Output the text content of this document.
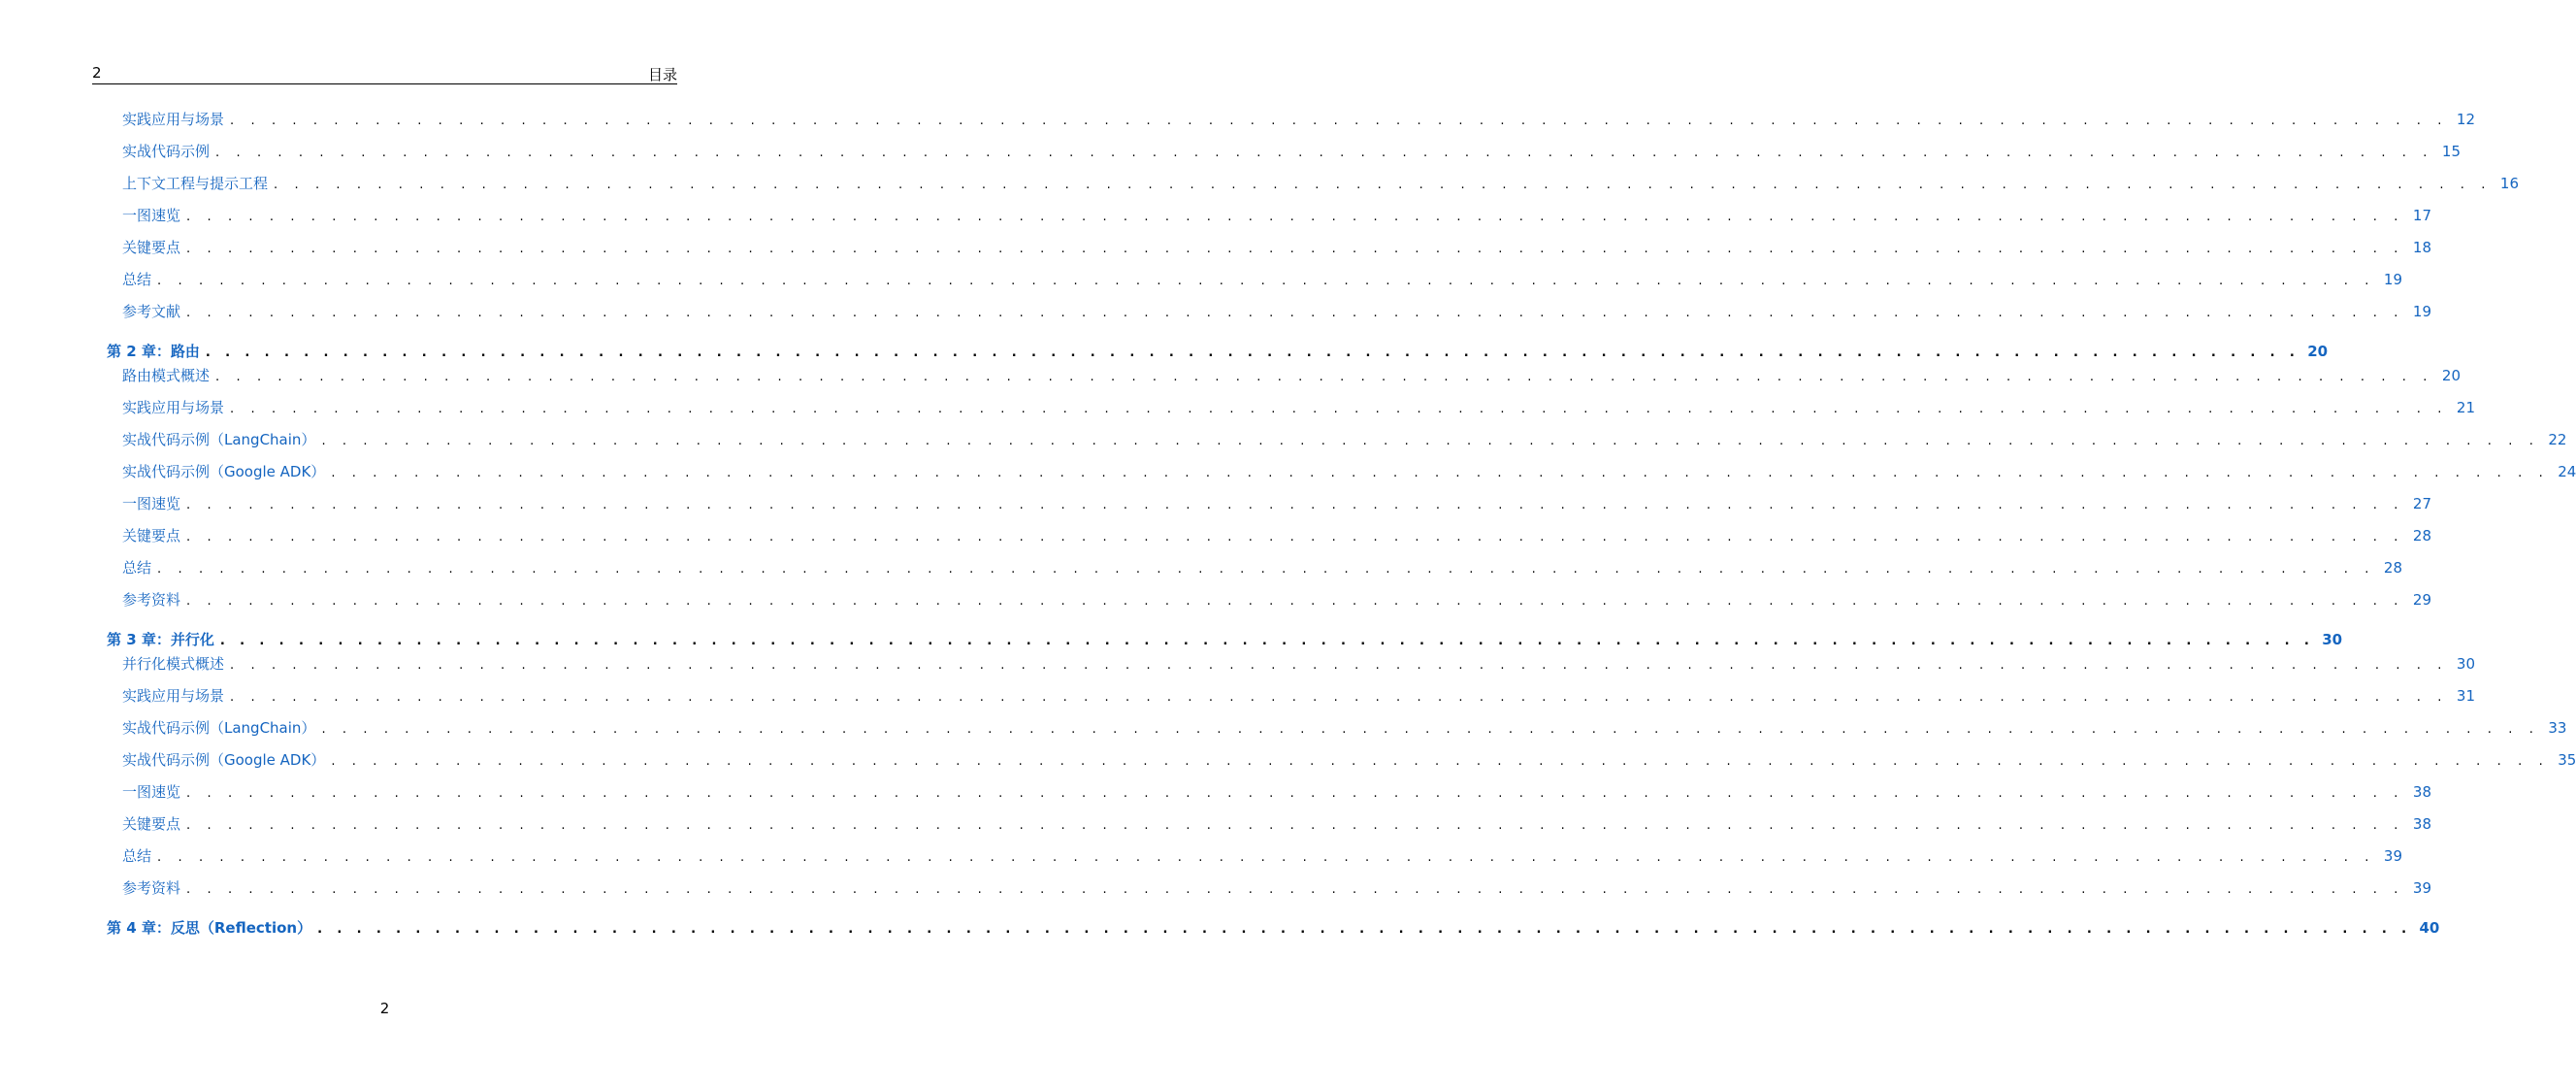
2	目录
实践应用与场景 . . . . . . . . . . . . . . . . . . . . . . . . . . . . . . . . . . . . . . . . . . . . . . . . . . . . . . . . . . . . . . . . . . . . . . . . . . . . . . . . . . . . . . . . . . . . . . . . . . . . . . . . . . . 12
实战代码示例 . . . . . . . . . . . . . . . . . . . . . . . . . . . . . . . . . . . . . . . . . . . . . . . . . . . . . . . . . . . . . . . . . . . . . . . . . . . . . . . . . . . . . . . . . . . . . . . . . . . . . . . . . . . 15
上下文工程与提示工程 . . . . . . . . . . . . . . . . . . . . . . . . . . . . . . . . . . . . . . . . . . . . . . . . . . . . . . . . . . . . . . . . . . . . . . . . . . . . . . . . . . . . . . . . . . . . . . . . . . . . . . . . . . . 16
一图速览 . . . . . . . . . . . . . . . . . . . . . . . . . . . . . . . . . . . . . . . . . . . . . . . . . . . . . . . . . . . . . . . . . . . . . . . . . . . . . . . . . . . . . . . . . . . . . . . . . . . . . . . . . . . 17
关键要点 . . . . . . . . . . . . . . . . . . . . . . . . . . . . . . . . . . . . . . . . . . . . . . . . . . . . . . . . . . . . . . . . . . . . . . . . . . . . . . . . . . . . . . . . . . . . . . . . . . . . . . . . . . . 18
总结 . . . . . . . . . . . . . . . . . . . . . . . . . . . . . . . . . . . . . . . . . . . . . . . . . . . . . . . . . . . . . . . . . . . . . . . . . . . . . . . . . . . . . . . . . . . . . . . . . . . . . . . . . . . 19
参考文献 . . . . . . . . . . . . . . . . . . . . . . . . . . . . . . . . . . . . . . . . . . . . . . . . . . . . . . . . . . . . . . . . . . . . . . . . . . . . . . . . . . . . . . . . . . . . . . . . . . . . . . . . . . . 19
第 2 章：路由 . . . . . . . . . . . . . . . . . . . . . . . . . . . . . . . . . . . . . . . . . . . . . . . . . . . . . . . . . . . . . . . . . . . . . . . . . . . . . . . . . . . . . . . . . . . . . . . . . . . . . . . . . . . 20
路由模式概述 . . . . . . . . . . . . . . . . . . . . . . . . . . . . . . . . . . . . . . . . . . . . . . . . . . . . . . . . . . . . . . . . . . . . . . . . . . . . . . . . . . . . . . . . . . . . . . . . . . . . . . . . . . . 20
实践应用与场景 . . . . . . . . . . . . . . . . . . . . . . . . . . . . . . . . . . . . . . . . . . . . . . . . . . . . . . . . . . . . . . . . . . . . . . . . . . . . . . . . . . . . . . . . . . . . . . . . . . . . . . . . . . . 21
实战代码示例（LangChain） . . . . . . . . . . . . . . . . . . . . . . . . . . . . . . . . . . . . . . . . . . . . . . . . . . . . . . . . . . . . . . . . . . . . . . . . . . . . . . . . . . . . . . . . . . . . . . . . . . . . . . . . . . . 22
实战代码示例（Google ADK） . . . . . . . . . . . . . . . . . . . . . . . . . . . . . . . . . . . . . . . . . . . . . . . . . . . . . . . . . . . . . . . . . . . . . . . . . . . . . . . . . . . . . . . . . . . . . . . . . . . . . . . . . . . 24
一图速览 . . . . . . . . . . . . . . . . . . . . . . . . . . . . . . . . . . . . . . . . . . . . . . . . . . . . . . . . . . . . . . . . . . . . . . . . . . . . . . . . . . . . . . . . . . . . . . . . . . . . . . . . . . . 27
关键要点 . . . . . . . . . . . . . . . . . . . . . . . . . . . . . . . . . . . . . . . . . . . . . . . . . . . . . . . . . . . . . . . . . . . . . . . . . . . . . . . . . . . . . . . . . . . . . . . . . . . . . . . . . . . 28
总结 . . . . . . . . . . . . . . . . . . . . . . . . . . . . . . . . . . . . . . . . . . . . . . . . . . . . . . . . . . . . . . . . . . . . . . . . . . . . . . . . . . . . . . . . . . . . . . . . . . . . . . . . . . . 28
参考资料 . . . . . . . . . . . . . . . . . . . . . . . . . . . . . . . . . . . . . . . . . . . . . . . . . . . . . . . . . . . . . . . . . . . . . . . . . . . . . . . . . . . . . . . . . . . . . . . . . . . . . . . . . . . 29
第 3 章：并行化 . . . . . . . . . . . . . . . . . . . . . . . . . . . . . . . . . . . . . . . . . . . . . . . . . . . . . . . . . . . . . . . . . . . . . . . . . . . . . . . . . . . . . . . . . . . . . . . . . . . . . . . . . . . 30
并行化模式概述 . . . . . . . . . . . . . . . . . . . . . . . . . . . . . . . . . . . . . . . . . . . . . . . . . . . . . . . . . . . . . . . . . . . . . . . . . . . . . . . . . . . . . . . . . . . . . . . . . . . . . . . . . . . 30
实践应用与场景 . . . . . . . . . . . . . . . . . . . . . . . . . . . . . . . . . . . . . . . . . . . . . . . . . . . . . . . . . . . . . . . . . . . . . . . . . . . . . . . . . . . . . . . . . . . . . . . . . . . . . . . . . . . 31
实战代码示例（LangChain） . . . . . . . . . . . . . . . . . . . . . . . . . . . . . . . . . . . . . . . . . . . . . . . . . . . . . . . . . . . . . . . . . . . . . . . . . . . . . . . . . . . . . . . . . . . . . . . . . . . . . . . . . . . 33
实战代码示例（Google ADK） . . . . . . . . . . . . . . . . . . . . . . . . . . . . . . . . . . . . . . . . . . . . . . . . . . . . . . . . . . . . . . . . . . . . . . . . . . . . . . . . . . . . . . . . . . . . . . . . . . . . . . . . . . . 35
一图速览 . . . . . . . . . . . . . . . . . . . . . . . . . . . . . . . . . . . . . . . . . . . . . . . . . . . . . . . . . . . . . . . . . . . . . . . . . . . . . . . . . . . . . . . . . . . . . . . . . . . . . . . . . . . 38
关键要点 . . . . . . . . . . . . . . . . . . . . . . . . . . . . . . . . . . . . . . . . . . . . . . . . . . . . . . . . . . . . . . . . . . . . . . . . . . . . . . . . . . . . . . . . . . . . . . . . . . . . . . . . . . . 38
总结 . . . . . . . . . . . . . . . . . . . . . . . . . . . . . . . . . . . . . . . . . . . . . . . . . . . . . . . . . . . . . . . . . . . . . . . . . . . . . . . . . . . . . . . . . . . . . . . . . . . . . . . . . . . 39
参考资料 . . . . . . . . . . . . . . . . . . . . . . . . . . . . . . . . . . . . . . . . . . . . . . . . . . . . . . . . . . . . . . . . . . . . . . . . . . . . . . . . . . . . . . . . . . . . . . . . . . . . . . . . . . . 39
第 4 章：反思（Reflection） . . . . . . . . . . . . . . . . . . . . . . . . . . . . . . . . . . . . . . . . . . . . . . . . . . . . . . . . . . . . . . . . . . . . . . . . . . . . . . . . . . . . . . . . . . . . . . . . . . . . . . . . . . . 40
2
